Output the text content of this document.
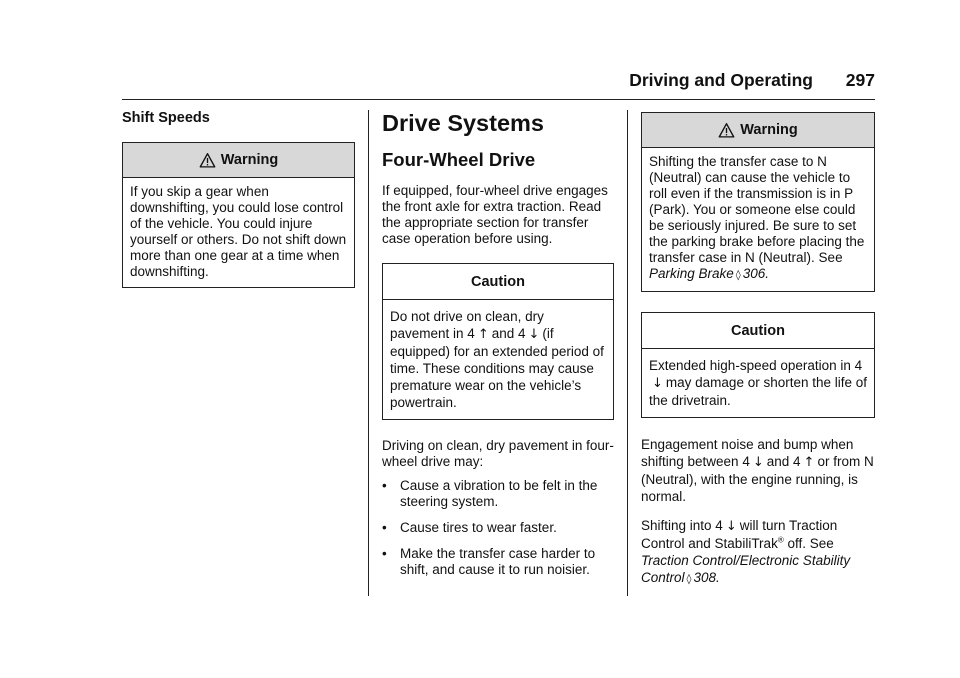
Driving and Operating 297
Shift Speeds
Warning

If you skip a gear when downshifting, you could lose control of the vehicle. You could injure yourself or others. Do not shift down more than one gear at a time when downshifting.

Drive Systems
Four-Wheel Drive

If equipped, four-wheel drive engages the front axle for extra traction. Read the appropriate section for transfer case operation before using.

Caution

Do not drive on clean, dry pavement in 4 ↑ and 4 ↓ (if equipped) for an extended period of time. These conditions may cause premature wear on the vehicle’s powertrain.

Driving on clean, dry pavement in four-wheel drive may:

• Cause a vibration to be felt in the steering system.
• Cause tires to wear faster.
• Make the transfer case harder to shift, and cause it to run noisier.
Warning

Shifting the transfer case to N (Neutral) can cause the vehicle to roll even if the transmission is in P (Park). You or someone else could be seriously injured. Be sure to set the parking brake before placing the transfer case in N (Neutral). See Parking Brake ◊ 306.

Caution

Extended high-speed operation in 4↓ may damage or shorten the life of the drivetrain.

Engagement noise and bump when shifting between 4 ↓ and 4 ↑ or from N (Neutral), with the engine running, is normal.

Shifting into 4 ↓ will turn Traction Control and StabiliTrak® off. See Traction Control/Electronic Stability Control ◊ 308.
